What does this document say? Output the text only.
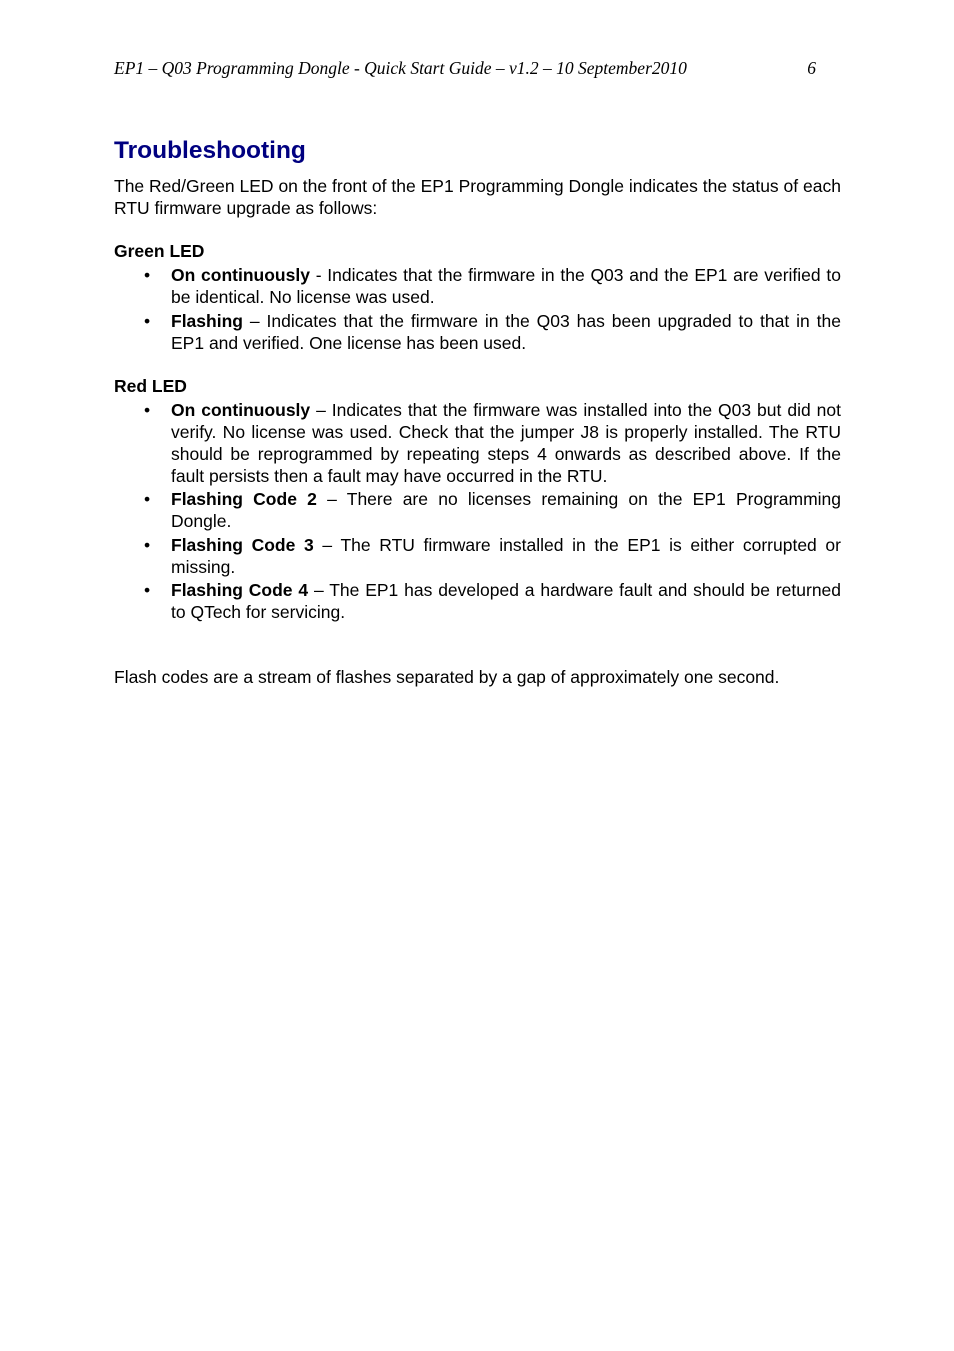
EP1 – Q03 Programming Dongle - Quick Start Guide – v1.2 – 10 September2010	6
Troubleshooting

The Red/Green LED on the front of the EP1 Programming Dongle indicates the status of each RTU firmware upgrade as follows:

Green LED
• On continuously - Indicates that the firmware in the Q03 and the EP1 are verified to be identical. No license was used.
• Flashing – Indicates that the firmware in the Q03 has been upgraded to that in the EP1 and verified. One license has been used.
Red LED
• On continuously – Indicates that the firmware was installed into the Q03 but did not verify. No license was used. Check that the jumper J8 is properly installed. The RTU should be reprogrammed by repeating steps 4 onwards as described above. If the fault persists then a fault may have occurred in the RTU.
• Flashing Code 2 – There are no licenses remaining on the EP1 Programming Dongle.
• Flashing Code 3 – The RTU firmware installed in the EP1 is either corrupted or missing.
• Flashing Code 4 – The EP1 has developed a hardware fault and should be returned to QTech for servicing.

Flash codes are a stream of flashes separated by a gap of approximately one second.
